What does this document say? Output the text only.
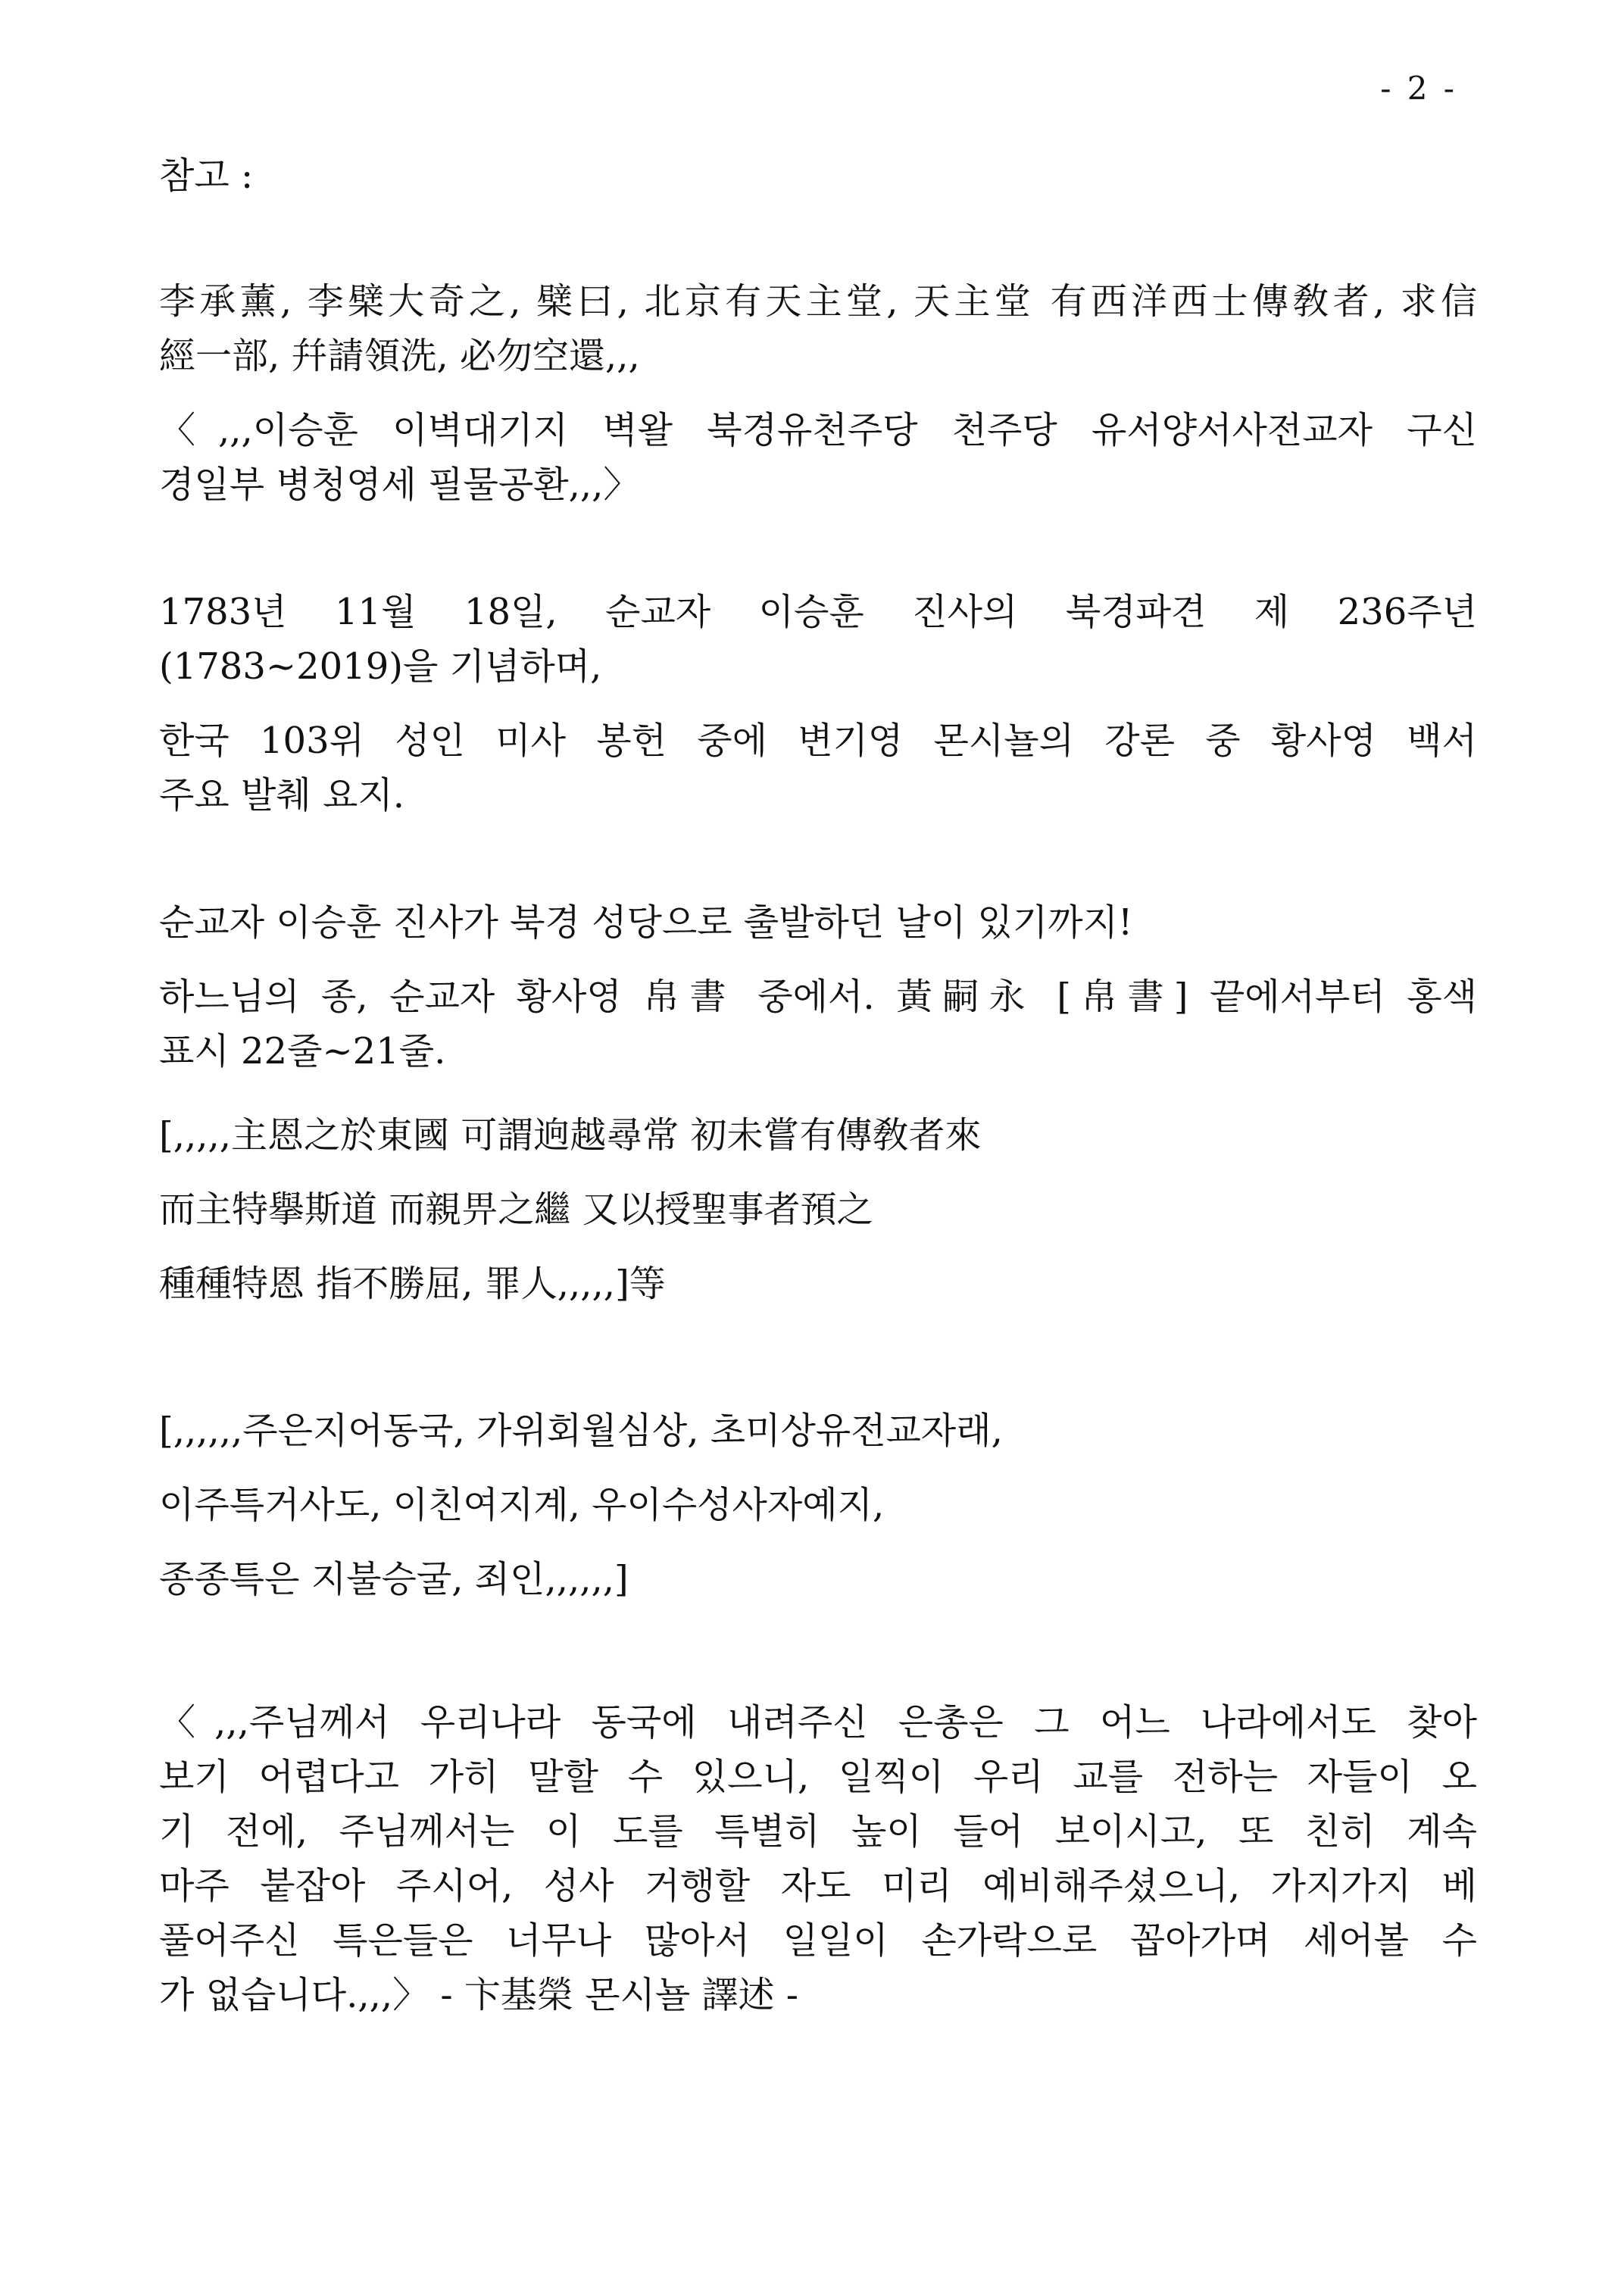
- 2 -
참고 :
李承薰, 李檗大奇之, 檗曰, 北京有天主堂, 天主堂 有西洋西士傳敎者, 求信
經一部, 幷請領洗, 必勿空還,,,
〈,,,이승훈 이벽대기지 벽왈 북경유천주당 천주당 유서양서사전교자 구신
경일부 병청영세 필물공환,,,〉
1783년 11월 18일, 순교자 이승훈 진사의 북경파견 제 236주년
(1783~2019)을 기념하며,
한국 103위 성인 미사 봉헌 중에 변기영 몬시뇰의 강론 중 황사영 백서
주요 발췌 요지.
순교자 이승훈 진사가 북경 성당으로 출발하던 날이 있기까지!
하느님의 종, 순교자 황사영 帛書 중에서. 黃嗣永 [帛書] 끝에서부터 홍색
표시 22줄~21줄.
[,,,,,主恩之於東國 可謂逈越尋常 初未嘗有傳敎者來
而主特擧斯道 而親畀之繼 又以授聖事者預之
種種特恩 指不勝屈, 罪人,,,,,]等
[,,,,,,주은지어동국, 가위회월심상, 초미상유전교자래,
이주특거사도, 이친여지계, 우이수성사자예지,
종종특은 지불승굴, 죄인,,,,,,]
〈,,,주님께서 우리나라 동국에 내려주신 은총은 그 어느 나라에서도 찾아
보기 어렵다고 가히 말할 수 있으니, 일찍이 우리 교를 전하는 자들이 오
기 전에, 주님께서는 이 도를 특별히 높이 들어 보이시고, 또 친히 계속
마주 붙잡아 주시어, 성사 거행할 자도 미리 예비해주셨으니, 가지가지 베
풀어주신 특은들은 너무나 많아서 일일이 손가락으로 꼽아가며 세어볼 수
가 없습니다.,,,〉 - 卞基榮 몬시뇰 譯述 -
